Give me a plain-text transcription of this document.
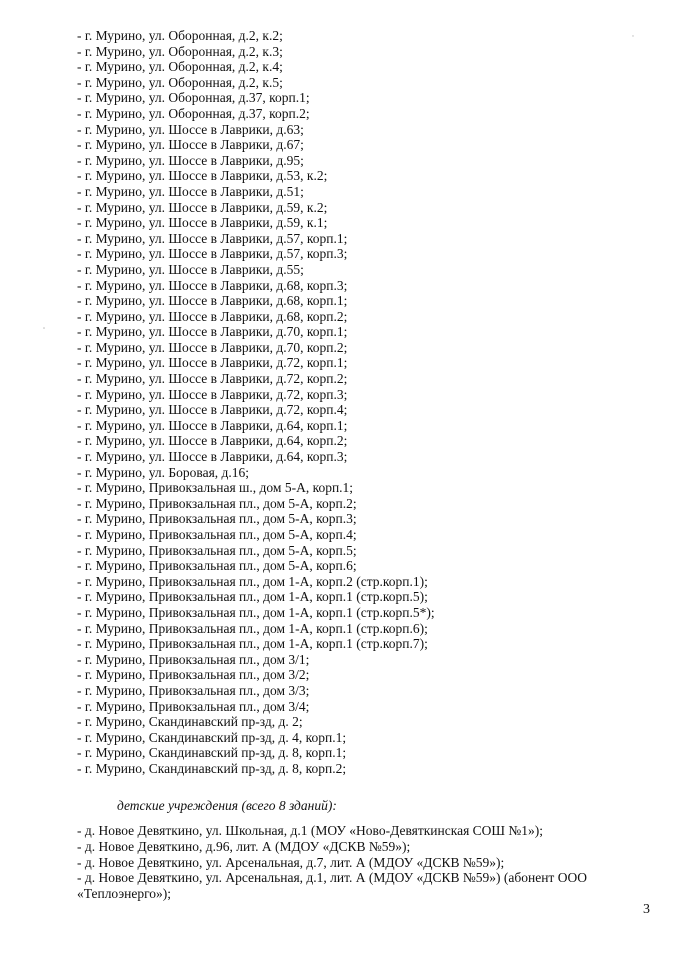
- г. Мурино, ул. Оборонная, д.2, к.2;
- г. Мурино, ул. Оборонная, д.2, к.3;
- г. Мурино, ул. Оборонная, д.2, к.4;
- г. Мурино, ул. Оборонная, д.2, к.5;
- г. Мурино, ул. Оборонная, д.37, корп.1;
- г. Мурино, ул. Оборонная, д.37, корп.2;
- г. Мурино, ул. Шоссе в Лаврики, д.63;
- г. Мурино, ул. Шоссе в Лаврики, д.67;
- г. Мурино, ул. Шоссе в Лаврики, д.95;
- г. Мурино, ул. Шоссе в Лаврики, д.53, к.2;
- г. Мурино, ул. Шоссе в Лаврики, д.51;
- г. Мурино, ул. Шоссе в Лаврики, д.59, к.2;
- г. Мурино, ул. Шоссе в Лаврики, д.59, к.1;
- г. Мурино, ул. Шоссе в Лаврики, д.57, корп.1;
- г. Мурино, ул. Шоссе в Лаврики, д.57, корп.3;
- г. Мурино, ул. Шоссе в Лаврики, д.55;
- г. Мурино, ул. Шоссе в Лаврики, д.68, корп.3;
- г. Мурино, ул. Шоссе в Лаврики, д.68, корп.1;
- г. Мурино, ул. Шоссе в Лаврики, д.68, корп.2;
- г. Мурино, ул. Шоссе в Лаврики, д.70, корп.1;
- г. Мурино, ул. Шоссе в Лаврики, д.70, корп.2;
- г. Мурино, ул. Шоссе в Лаврики, д.72, корп.1;
- г. Мурино, ул. Шоссе в Лаврики, д.72, корп.2;
- г. Мурино, ул. Шоссе в Лаврики, д.72, корп.3;
- г. Мурино, ул. Шоссе в Лаврики, д.72, корп.4;
- г. Мурино, ул. Шоссе в Лаврики, д.64, корп.1;
- г. Мурино, ул. Шоссе в Лаврики, д.64, корп.2;
- г. Мурино, ул. Шоссе в Лаврики, д.64, корп.3;
- г. Мурино, ул. Боровая, д.16;
- г. Мурино, Привокзальная ш., дом 5-А, корп.1;
- г. Мурино, Привокзальная пл., дом 5-А, корп.2;
- г. Мурино, Привокзальная пл., дом 5-А, корп.3;
- г. Мурино, Привокзальная пл., дом 5-А, корп.4;
- г. Мурино, Привокзальная пл., дом 5-А, корп.5;
- г. Мурино, Привокзальная пл., дом 5-А, корп.6;
- г. Мурино, Привокзальная пл., дом 1-А, корп.2 (стр.корп.1);
- г. Мурино, Привокзальная пл., дом 1-А, корп.1 (стр.корп.5);
- г. Мурино, Привокзальная пл., дом 1-А, корп.1 (стр.корп.5*);
- г. Мурино, Привокзальная пл., дом 1-А, корп.1 (стр.корп.6);
- г. Мурино, Привокзальная пл., дом 1-А, корп.1 (стр.корп.7);
- г. Мурино, Привокзальная пл., дом 3/1;
- г. Мурино, Привокзальная пл., дом 3/2;
- г. Мурино, Привокзальная пл., дом 3/3;
- г. Мурино, Привокзальная пл., дом 3/4;
- г. Мурино, Скандинавский пр-зд, д. 2;
- г. Мурино, Скандинавский пр-зд, д. 4, корп.1;
- г. Мурино, Скандинавский пр-зд, д. 8, корп.1;
- г. Мурино, Скандинавский пр-зд, д. 8, корп.2;
детские учреждения (всего 8 зданий):
- д. Новое Девяткино, ул. Школьная, д.1 (МОУ «Ново-Девяткинская СОШ №1»);
- д. Новое Девяткино, д.96, лит. А (МДОУ «ДСКВ №59»);
- д. Новое Девяткино, ул. Арсенальная, д.7, лит. А (МДОУ «ДСКВ №59»);
- д. Новое Девяткино, ул. Арсенальная, д.1, лит. А (МДОУ «ДСКВ №59») (абонент ООО «Теплоэнерго»);
3
